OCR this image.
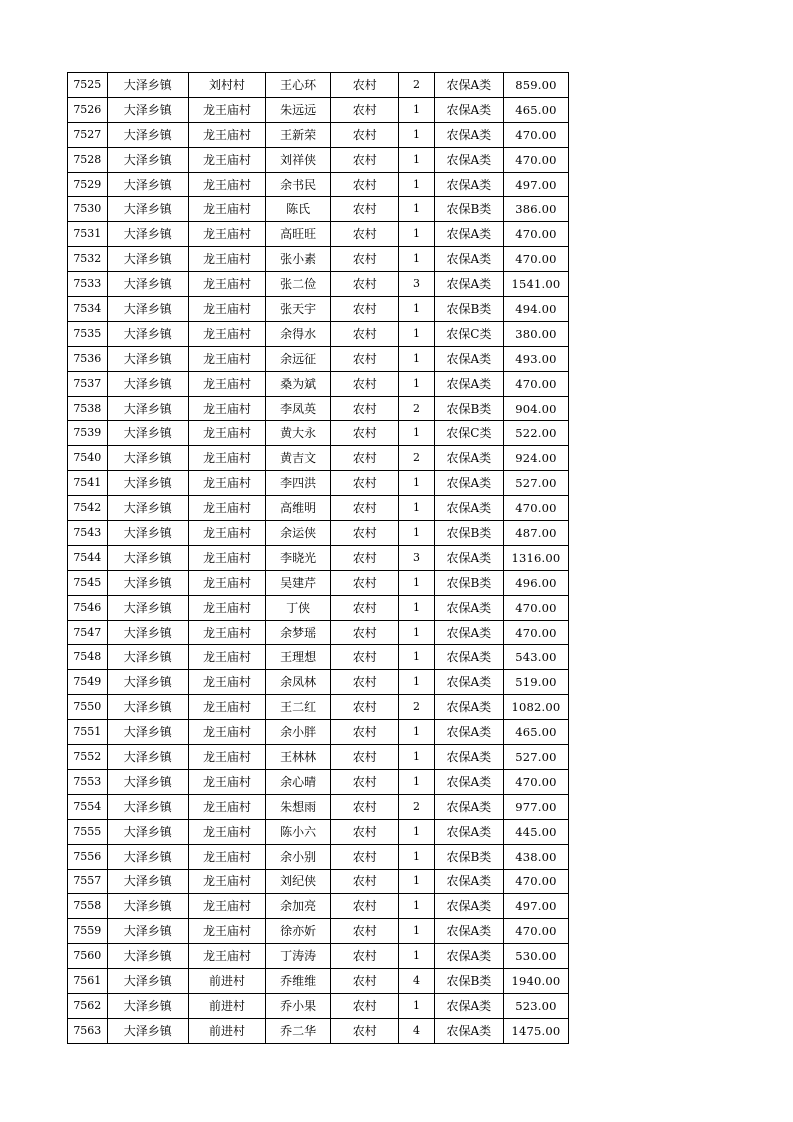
7525	大泽乡镇	刘村村	王心环	农村	2	农保A类	859.00
7526	大泽乡镇	龙王庙村	朱远远	农村	1	农保A类	465.00
7527	大泽乡镇	龙王庙村	王新荣	农村	1	农保A类	470.00
7528	大泽乡镇	龙王庙村	刘祥侠	农村	1	农保A类	470.00
7529	大泽乡镇	龙王庙村	余书民	农村	1	农保A类	497.00
7530	大泽乡镇	龙王庙村	陈氏	农村	1	农保B类	386.00
7531	大泽乡镇	龙王庙村	高旺旺	农村	1	农保A类	470.00
7532	大泽乡镇	龙王庙村	张小素	农村	1	农保A类	470.00
7533	大泽乡镇	龙王庙村	张二俭	农村	3	农保A类	1541.00
7534	大泽乡镇	龙王庙村	张天宇	农村	1	农保B类	494.00
7535	大泽乡镇	龙王庙村	余得水	农村	1	农保C类	380.00
7536	大泽乡镇	龙王庙村	余远征	农村	1	农保A类	493.00
7537	大泽乡镇	龙王庙村	桑为斌	农村	1	农保A类	470.00
7538	大泽乡镇	龙王庙村	李凤英	农村	2	农保B类	904.00
7539	大泽乡镇	龙王庙村	黄大永	农村	1	农保C类	522.00
7540	大泽乡镇	龙王庙村	黄吉文	农村	2	农保A类	924.00
7541	大泽乡镇	龙王庙村	李四洪	农村	1	农保A类	527.00
7542	大泽乡镇	龙王庙村	高维明	农村	1	农保A类	470.00
7543	大泽乡镇	龙王庙村	余运侠	农村	1	农保B类	487.00
7544	大泽乡镇	龙王庙村	李晓光	农村	3	农保A类	1316.00
7545	大泽乡镇	龙王庙村	吴建芹	农村	1	农保B类	496.00
7546	大泽乡镇	龙王庙村	丁侠	农村	1	农保A类	470.00
7547	大泽乡镇	龙王庙村	余梦瑶	农村	1	农保A类	470.00
7548	大泽乡镇	龙王庙村	王理想	农村	1	农保A类	543.00
7549	大泽乡镇	龙王庙村	余凤林	农村	1	农保A类	519.00
7550	大泽乡镇	龙王庙村	王二红	农村	2	农保A类	1082.00
7551	大泽乡镇	龙王庙村	余小胖	农村	1	农保A类	465.00
7552	大泽乡镇	龙王庙村	王林林	农村	1	农保A类	527.00
7553	大泽乡镇	龙王庙村	余心晴	农村	1	农保A类	470.00
7554	大泽乡镇	龙王庙村	朱想雨	农村	2	农保A类	977.00
7555	大泽乡镇	龙王庙村	陈小六	农村	1	农保A类	445.00
7556	大泽乡镇	龙王庙村	余小别	农村	1	农保B类	438.00
7557	大泽乡镇	龙王庙村	刘纪侠	农村	1	农保A类	470.00
7558	大泽乡镇	龙王庙村	余加亮	农村	1	农保A类	497.00
7559	大泽乡镇	龙王庙村	徐亦妡	农村	1	农保A类	470.00
7560	大泽乡镇	龙王庙村	丁涛涛	农村	1	农保A类	530.00
7561	大泽乡镇	前进村	乔维维	农村	4	农保B类	1940.00
7562	大泽乡镇	前进村	乔小果	农村	1	农保A类	523.00
7563	大泽乡镇	前进村	乔二华	农村	4	农保A类	1475.00
